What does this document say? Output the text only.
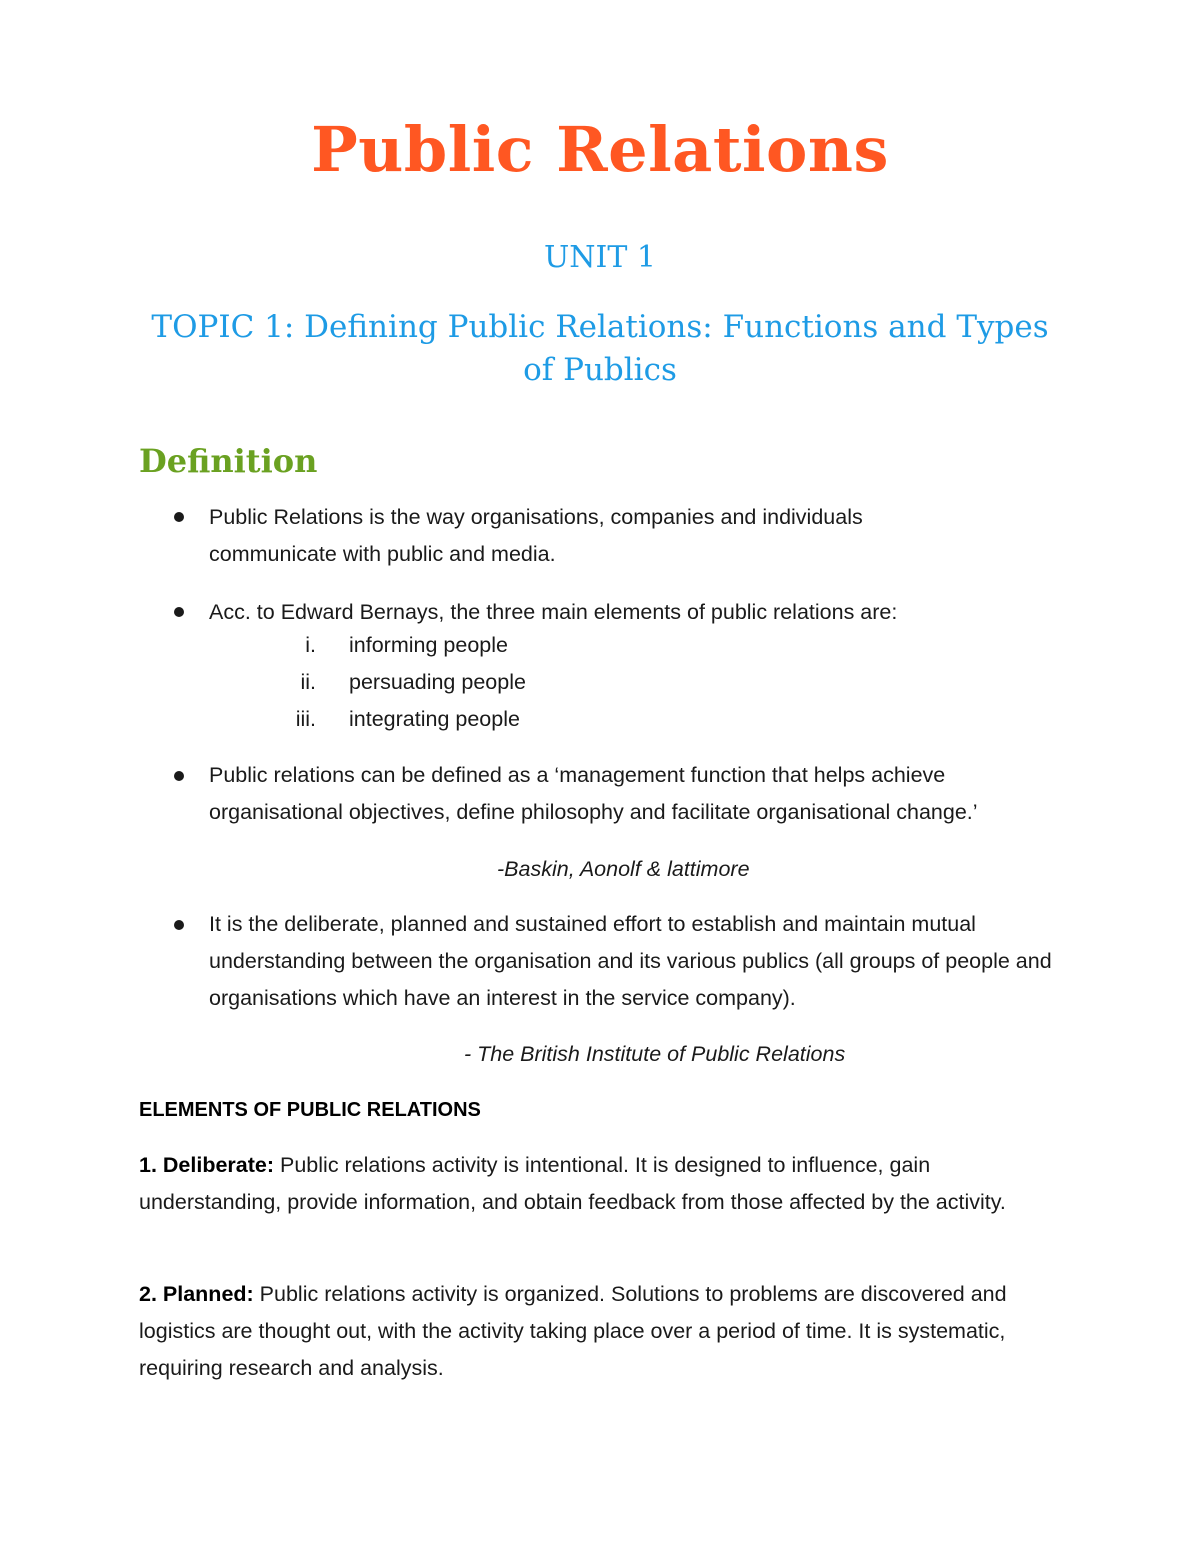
Public Relations
UNIT 1
TOPIC 1: Defining Public Relations: Functions and Types of Publics
Definition
Public Relations is the way organisations, companies and individuals communicate with public and media.
Acc. to Edward Bernays, the three main elements of public relations are:
i. informing people
ii. persuading people
iii. integrating people
Public relations can be defined as a ‘management function that helps achieve organisational objectives, define philosophy and facilitate organisational change.’
-Baskin, Aonolf & lattimore
It is the deliberate, planned and sustained effort to establish and maintain mutual understanding between the organisation and its various publics (all groups of people and organisations which have an interest in the service company).
- The British Institute of Public Relations
ELEMENTS OF PUBLIC RELATIONS
1. Deliberate: Public relations activity is intentional. It is designed to influence, gain understanding, provide information, and obtain feedback from those affected by the activity.
2. Planned: Public relations activity is organized. Solutions to problems are discovered and logistics are thought out, with the activity taking place over a period of time. It is systematic, requiring research and analysis.
